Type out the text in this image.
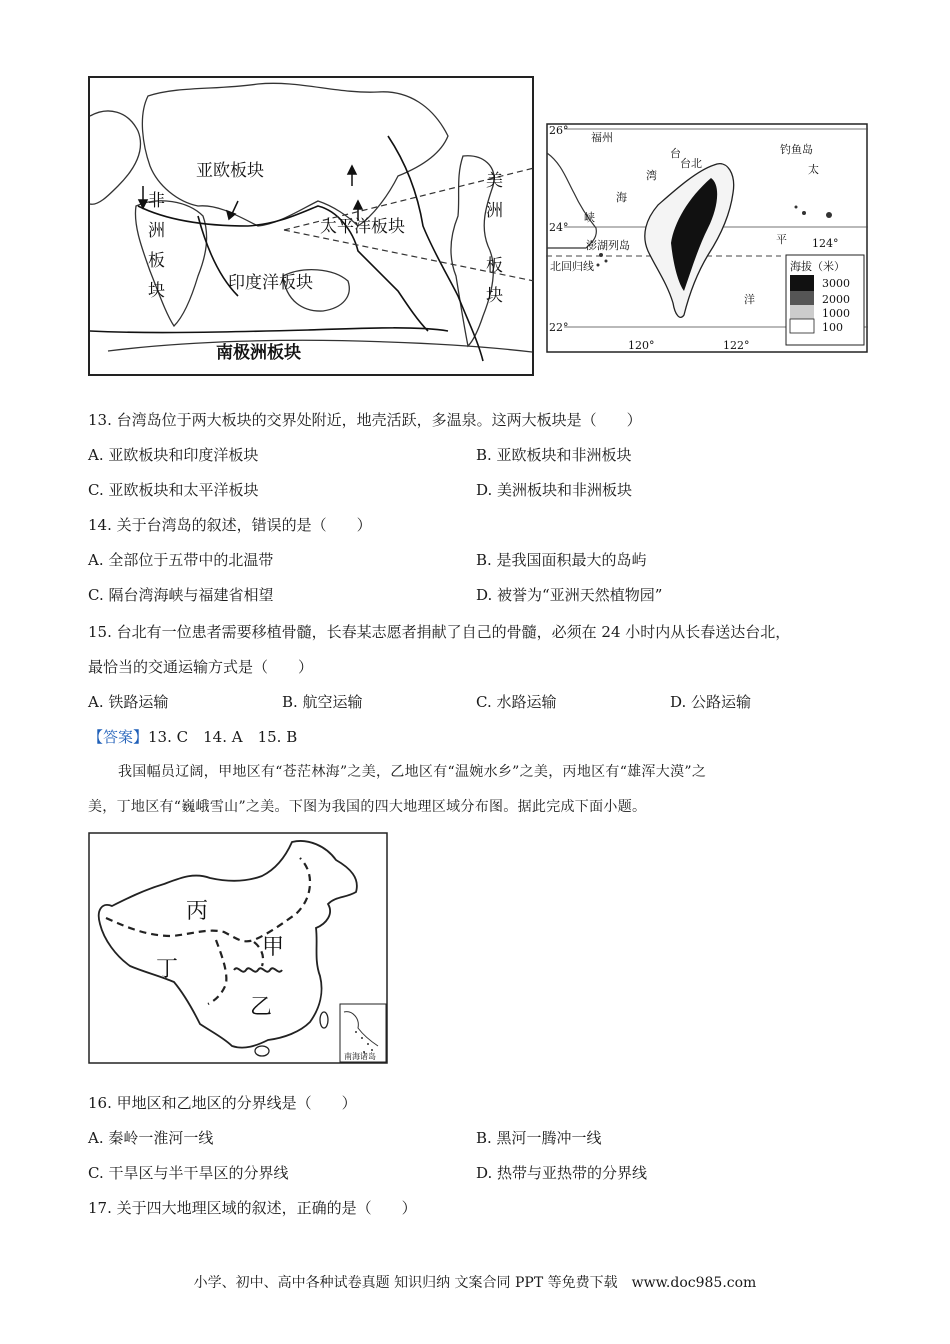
亚欧板块
太平洋板块
印度洋板块
南极洲板块
非
洲
板
块
美
洲
板
块
26°
24°
22°
120°	122°
124°
福州
台北
钓鱼岛
澎湖列岛
北回归线
台
湾
海
峡
太
平
洋
海拔（米）
3000
2000
1000
100
13. 台湾岛位于两大板块的交界处附近，地壳活跃，多温泉。这两大板块是（　　）
A. 亚欧板块和印度洋板块	B. 亚欧板块和非洲板块
C. 亚欧板块和太平洋板块	D. 美洲板块和非洲板块
14. 关于台湾岛的叙述，错误的是（　　）
A. 全部位于五带中的北温带	B. 是我国面积最大的岛屿
C. 隔台湾海峡与福建省相望	D. 被誉为“亚洲天然植物园”
15. 台北有一位患者需要移植骨髓，长春某志愿者捐献了自己的骨髓，必须在 24 小时内从长春送达台北，
最恰当的交通运输方式是（　　）
A. 铁路运输	B. 航空运输	C. 水路运输	D. 公路运输
【答案】13. C　14. A　15. B
我国幅员辽阔，甲地区有“苍茫林海”之美，乙地区有“温婉水乡”之美，丙地区有“雄浑大漠”之
美，丁地区有“巍峨雪山”之美。下图为我国的四大地理区域分布图。据此完成下面小题。
丙
甲
丁
乙
南海诸岛
16. 甲地区和乙地区的分界线是（　　）
A. 秦岭一淮河一线	B. 黑河一腾冲一线
C. 干旱区与半干旱区的分界线	D. 热带与亚热带的分界线
17. 关于四大地理区域的叙述，正确的是（　　）
小学、初中、高中各种试卷真题 知识归纳 文案合同 PPT 等免费下载　www.doc985.com
